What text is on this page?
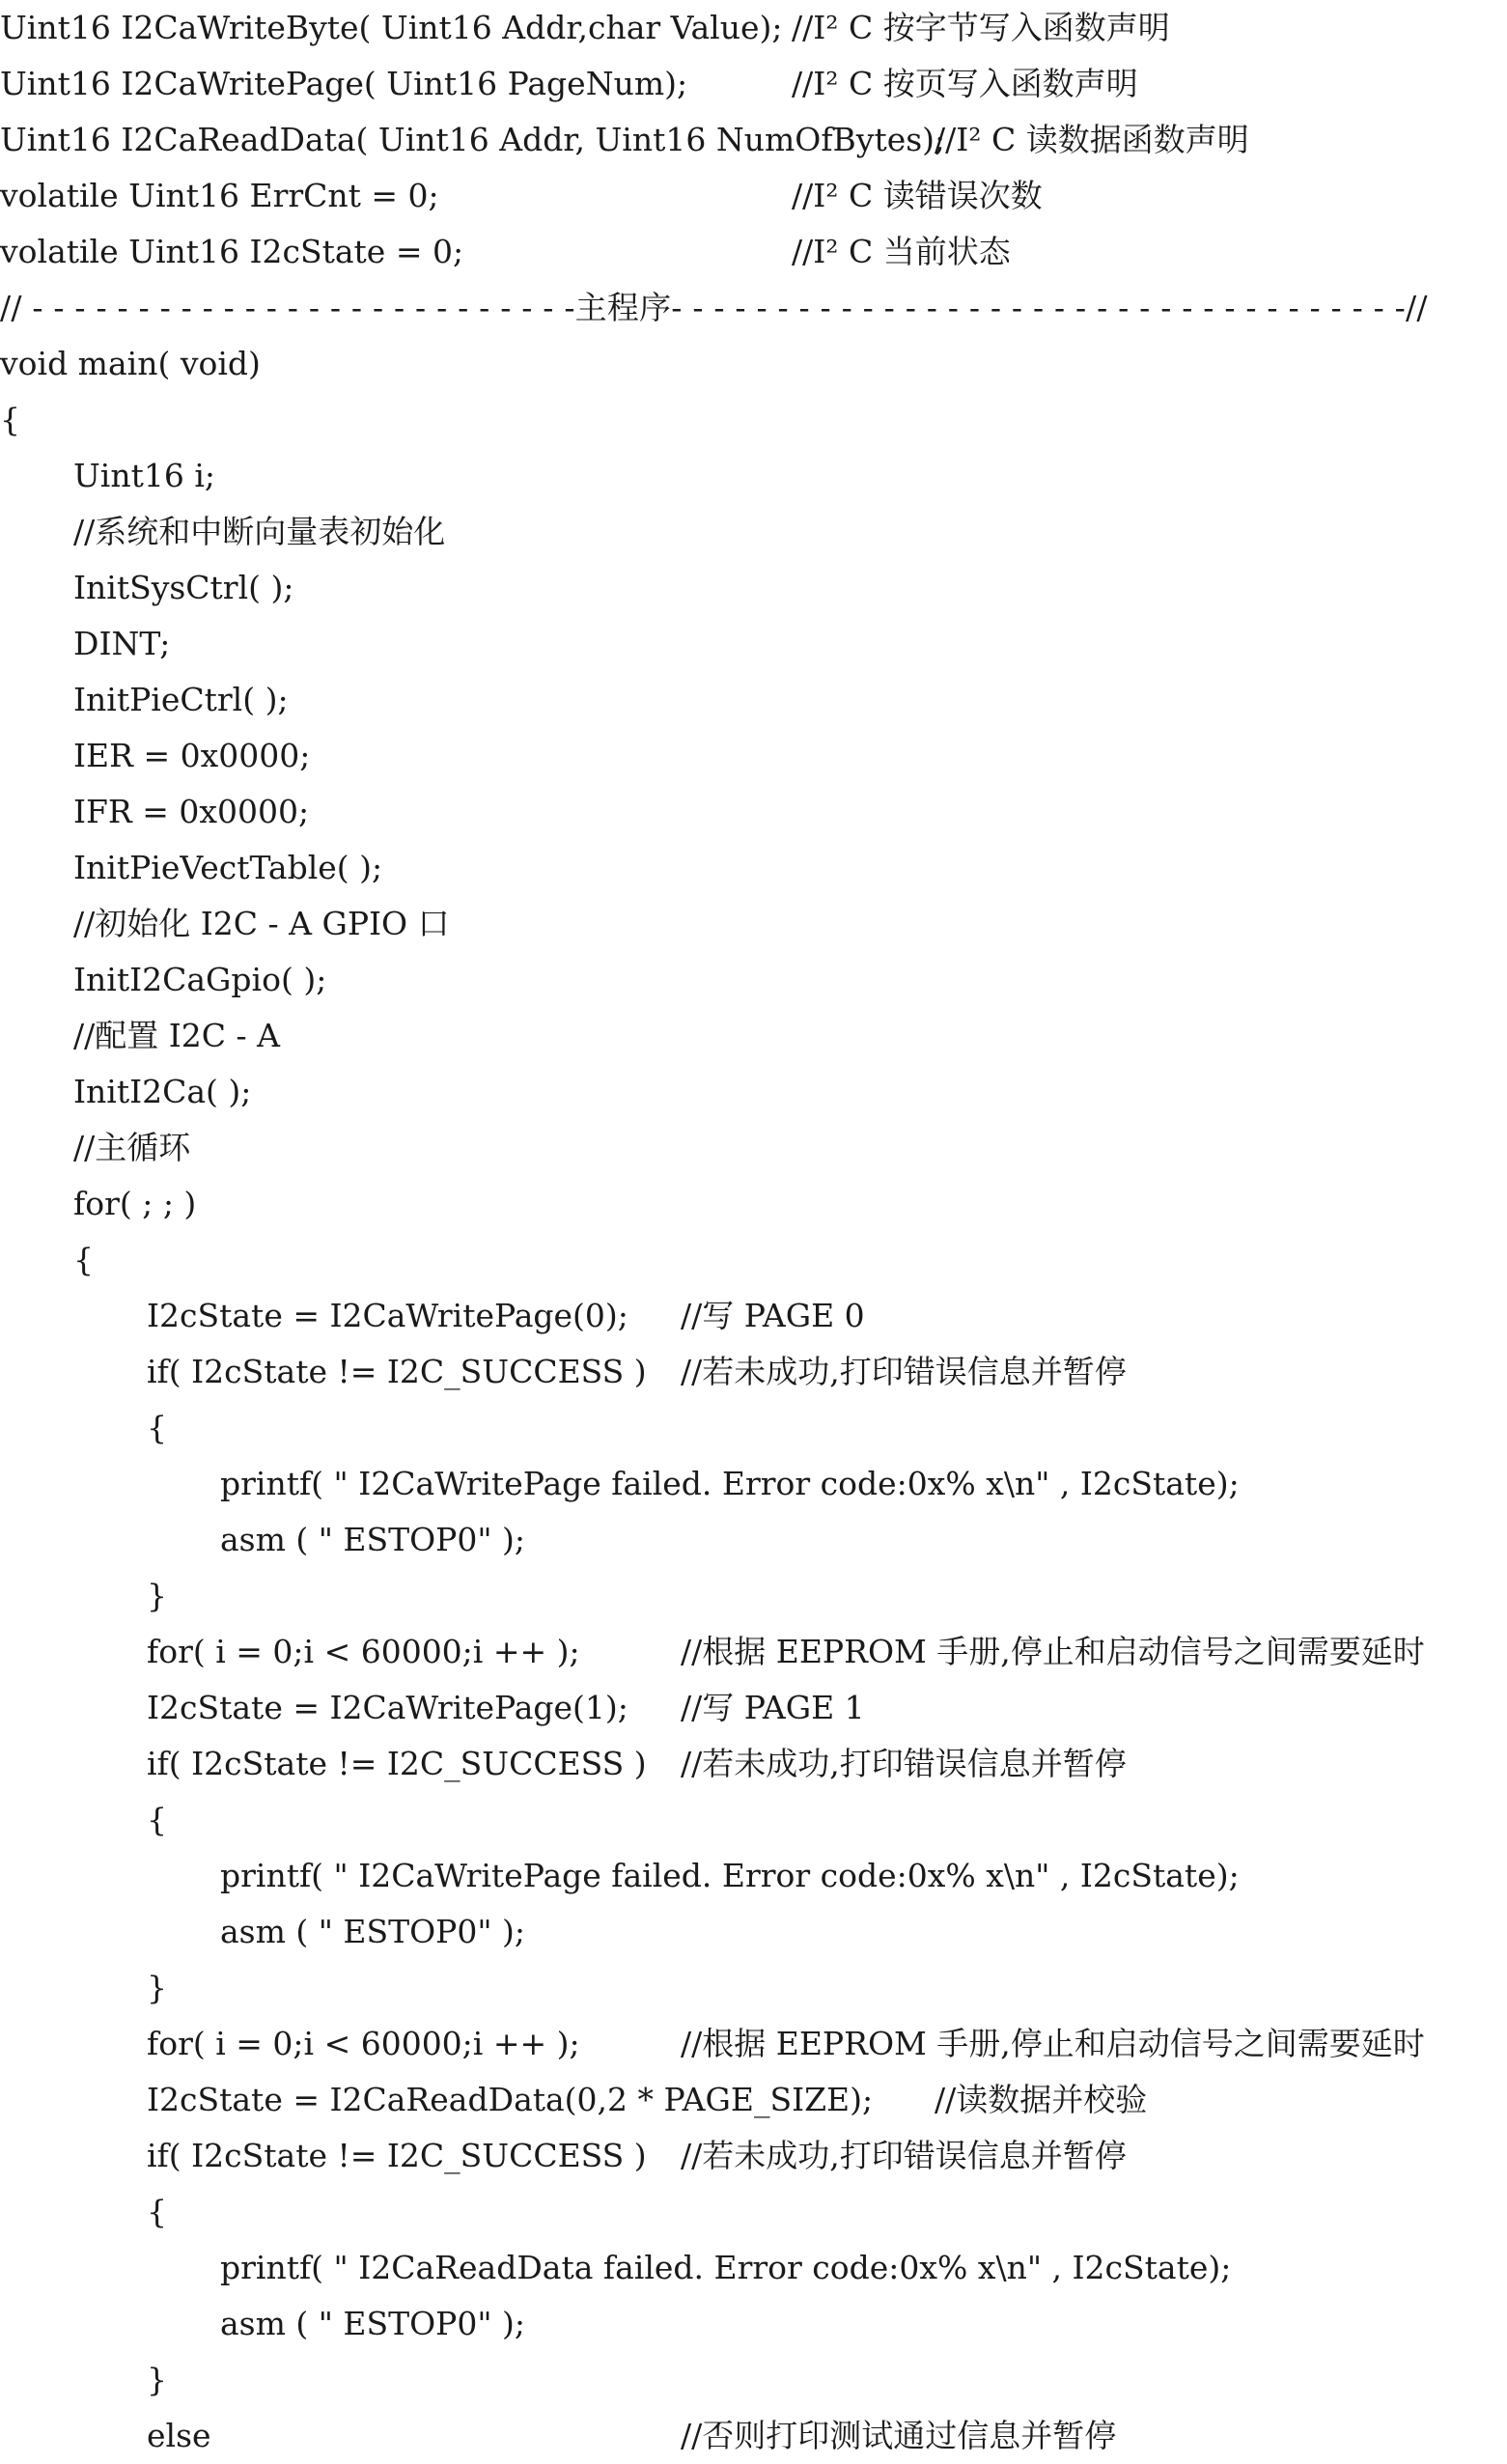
Uint16 I2CaWriteByte( Uint16 Addr,char Value); //I² C 按字节写入函数声明
Uint16 I2CaWritePage( Uint16 PageNum);	//I² C 按页写入函数声明
Uint16 I2CaReadData( Uint16 Addr, Uint16 NumOfBytes);
//I² C 读数据函数声明
volatile Uint16 ErrCnt = 0;	//I² C 读错误次数
volatile Uint16 I2cState = 0;	//I² C 当前状态
// - - - - - - - - - - - - - - - - - - - - - - - - - -主程序- - - - - - - - - - - - - - - - - - - - - - - - - - - - - - - - - - -//
void main( void)
{
Uint16 i;
//系统和中断向量表初始化
InitSysCtrl( );
DINT;
InitPieCtrl( );
IER = 0x0000;
IFR = 0x0000;
InitPieVectTable( );
//初始化 I2C - A GPIO 口
InitI2CaGpio( );
//配置 I2C - A
InitI2Ca( );
//主循环
for( ; ; )
{
I2cState = I2CaWritePage(0); //写 PAGE 0
if( I2cState != I2C_SUCCESS ) //若未成功,打印错误信息并暂停
{
printf( " I2CaWritePage failed. Error code:0x% x\n" , I2cState);
asm ( " ESTOP0" );
}
for( i = 0;i < 60000;i ++ );	//根据 EEPROM 手册,停止和启动信号之间需要延时
I2cState = I2CaWritePage(1); //写 PAGE 1
if( I2cState != I2C_SUCCESS ) //若未成功,打印错误信息并暂停
{
printf( " I2CaWritePage failed. Error code:0x% x\n" , I2cState);
asm ( " ESTOP0" );
}
for( i = 0;i < 60000;i ++ );	//根据 EEPROM 手册,停止和启动信号之间需要延时
I2cState = I2CaReadData(0,2 * PAGE_SIZE); //读数据并校验
if( I2cState != I2C_SUCCESS ) //若未成功,打印错误信息并暂停
{
printf( " I2CaReadData failed. Error code:0x% x\n" , I2cState);
asm ( " ESTOP0" );
}
else	//否则打印测试通过信息并暂停
